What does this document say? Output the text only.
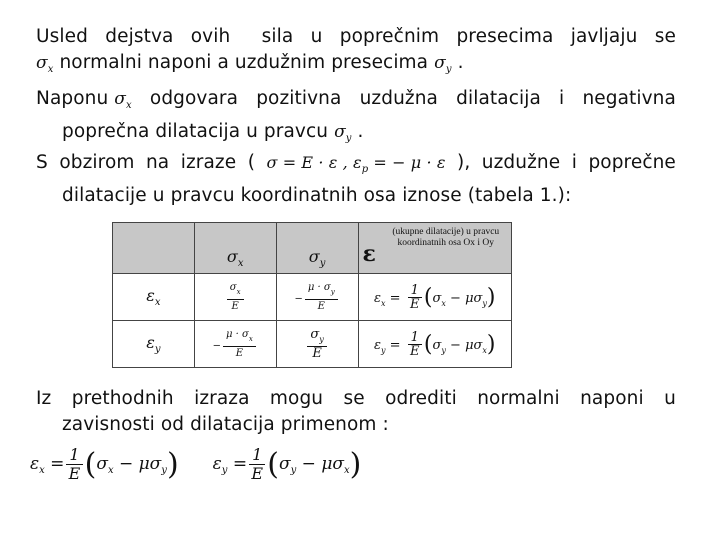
Usled dejstva ovih sila u poprečnim presecima javljaju se
$\sigma_x$ normalni naponi a uzdužnim presecima $\sigma_y$ .
Naponu $\sigma_x$ odgovara pozitivna uzdužna dilatacija i negativna
poprečna dilatacija u pravcu $\sigma_y$ .
S obzirom na izraze ( σ = E · ε , $\varepsilon_p$ = − μ · ε ), uzdužne i poprečne
dilatacije u pravcu koordinatnih osa iznose (tabela 1.):
	$\sigma_x$	$\sigma_y$	ε
(ukupne dilatacije) u pravcu koordinatnih osa Ox i Oy

$\varepsilon_x$	$\frac{\sigma_x}{E}$	− $\frac{\mu \cdot \sigma_y}{E}$	$\varepsilon_x = \frac{1}{E} (\sigma_x - \mu\sigma_y)$
$\varepsilon_y$	− $\frac{\mu \cdot \sigma_x}{E}$	$\frac{\sigma_y}{E}$	$\varepsilon_y = \frac{1}{E} (\sigma_y - \mu\sigma_x)$
Iz prethodnih izraza mogu se odrediti normalni naponi u
zavisnosti od dilatacija primenom :
$\varepsilon_x = \frac{1}{E}$ ( $\sigma_x - \mu\sigma_y$ ) $\varepsilon_y = \frac{1}{E}$ ( $\sigma_y - \mu\sigma_x$ )
